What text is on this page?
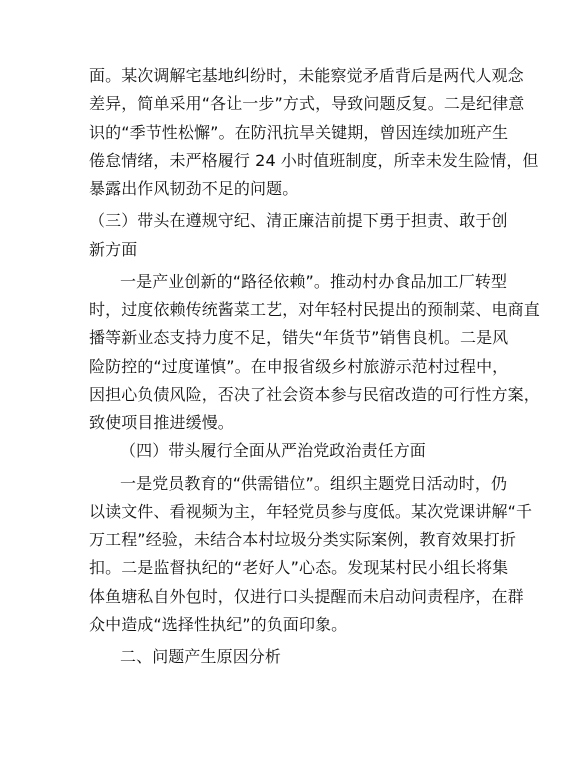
面。某次调解宅基地纠纷时，未能察觉矛盾背后是两代人观念
差异，简单采用“各让一步”方式，导致问题反复。二是纪律意
识的“季节性松懈”。在防汛抗旱关键期，曾因连续加班产生
倦怠情绪，未严格履行 24 小时值班制度，所幸未发生险情，但
暴露出作风韧劲不足的问题。
（三）带头在遵规守纪、清正廉洁前提下勇于担责、敢于创
新方面
一是产业创新的“路径依赖”。推动村办食品加工厂转型
时，过度依赖传统酱菜工艺，对年轻村民提出的预制菜、电商直
播等新业态支持力度不足，错失“年货节”销售良机。二是风
险防控的“过度谨慎”。在申报省级乡村旅游示范村过程中，
因担心负债风险，否决了社会资本参与民宿改造的可行性方案，
致使项目推进缓慢。
（四）带头履行全面从严治党政治责任方面
一是党员教育的“供需错位”。组织主题党日活动时，仍
以读文件、看视频为主，年轻党员参与度低。某次党课讲解“千
万工程”经验，未结合本村垃圾分类实际案例，教育效果打折
扣。二是监督执纪的“老好人”心态。发现某村民小组长将集
体鱼塘私自外包时，仅进行口头提醒而未启动问责程序，在群
众中造成“选择性执纪”的负面印象。
二、问题产生原因分析
